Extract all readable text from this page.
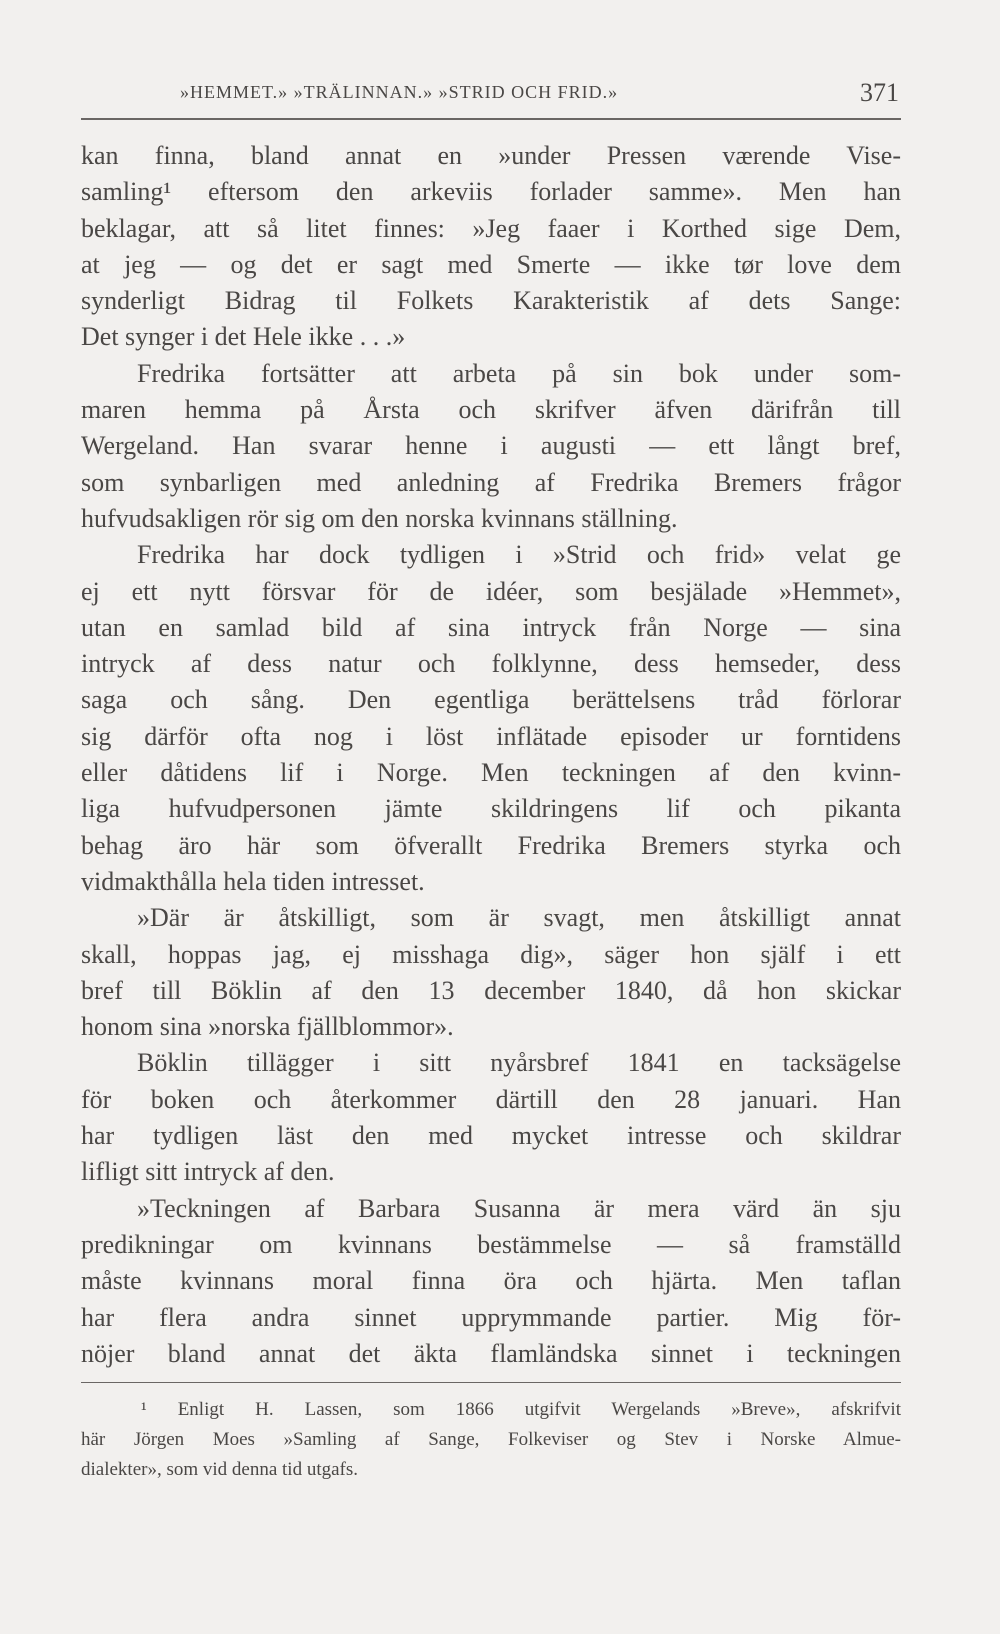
»HEMMET.» »TRÄLINNAN.» »STRID OCH FRID.»	371
kan finna, bland annat en »under Pressen værende Vise-
samling¹ eftersom den arkeviis forlader samme». Men han
beklagar, att så litet finnes: »Jeg faaer i Korthed sige Dem,
at jeg — og det er sagt med Smerte — ikke tør love dem
synderligt Bidrag til Folkets Karakteristik af dets Sange:
Det synger i det Hele ikke . . .»
Fredrika fortsätter att arbeta på sin bok under som-
maren hemma på Årsta och skrifver äfven därifrån till
Wergeland. Han svarar henne i augusti — ett långt bref,
som synbarligen med anledning af Fredrika Bremers frågor
hufvudsakligen rör sig om den norska kvinnans ställning.
Fredrika har dock tydligen i »Strid och frid» velat ge
ej ett nytt försvar för de idéer, som besjälade »Hemmet»,
utan en samlad bild af sina intryck från Norge — sina
intryck af dess natur och folklynne, dess hemseder, dess
saga och sång. Den egentliga berättelsens tråd förlorar
sig därför ofta nog i löst inflätade episoder ur forntidens
eller dåtidens lif i Norge. Men teckningen af den kvinn-
liga hufvudpersonen jämte skildringens lif och pikanta
behag äro här som öfverallt Fredrika Bremers styrka och
vidmakthålla hela tiden intresset.
»Där är åtskilligt, som är svagt, men åtskilligt annat
skall, hoppas jag, ej misshaga dig», säger hon själf i ett
bref till Böklin af den 13 december 1840, då hon skickar
honom sina »norska fjällblommor».
Böklin tillägger i sitt nyårsbref 1841 en tacksägelse
för boken och återkommer därtill den 28 januari. Han
har tydligen läst den med mycket intresse och skildrar
lifligt sitt intryck af den.
»Teckningen af Barbara Susanna är mera värd än sju
predikningar om kvinnans bestämmelse — så framställd
måste kvinnans moral finna öra och hjärta. Men taflan
har flera andra sinnet upprymmande partier. Mig för-
nöjer bland annat det äkta flamländska sinnet i teckningen
¹ Enligt H. Lassen, som 1866 utgifvit Wergelands »Breve», afskrifvit
här Jörgen Moes »Samling af Sange, Folkeviser og Stev i Norske Almue-
dialekter», som vid denna tid utgafs.
